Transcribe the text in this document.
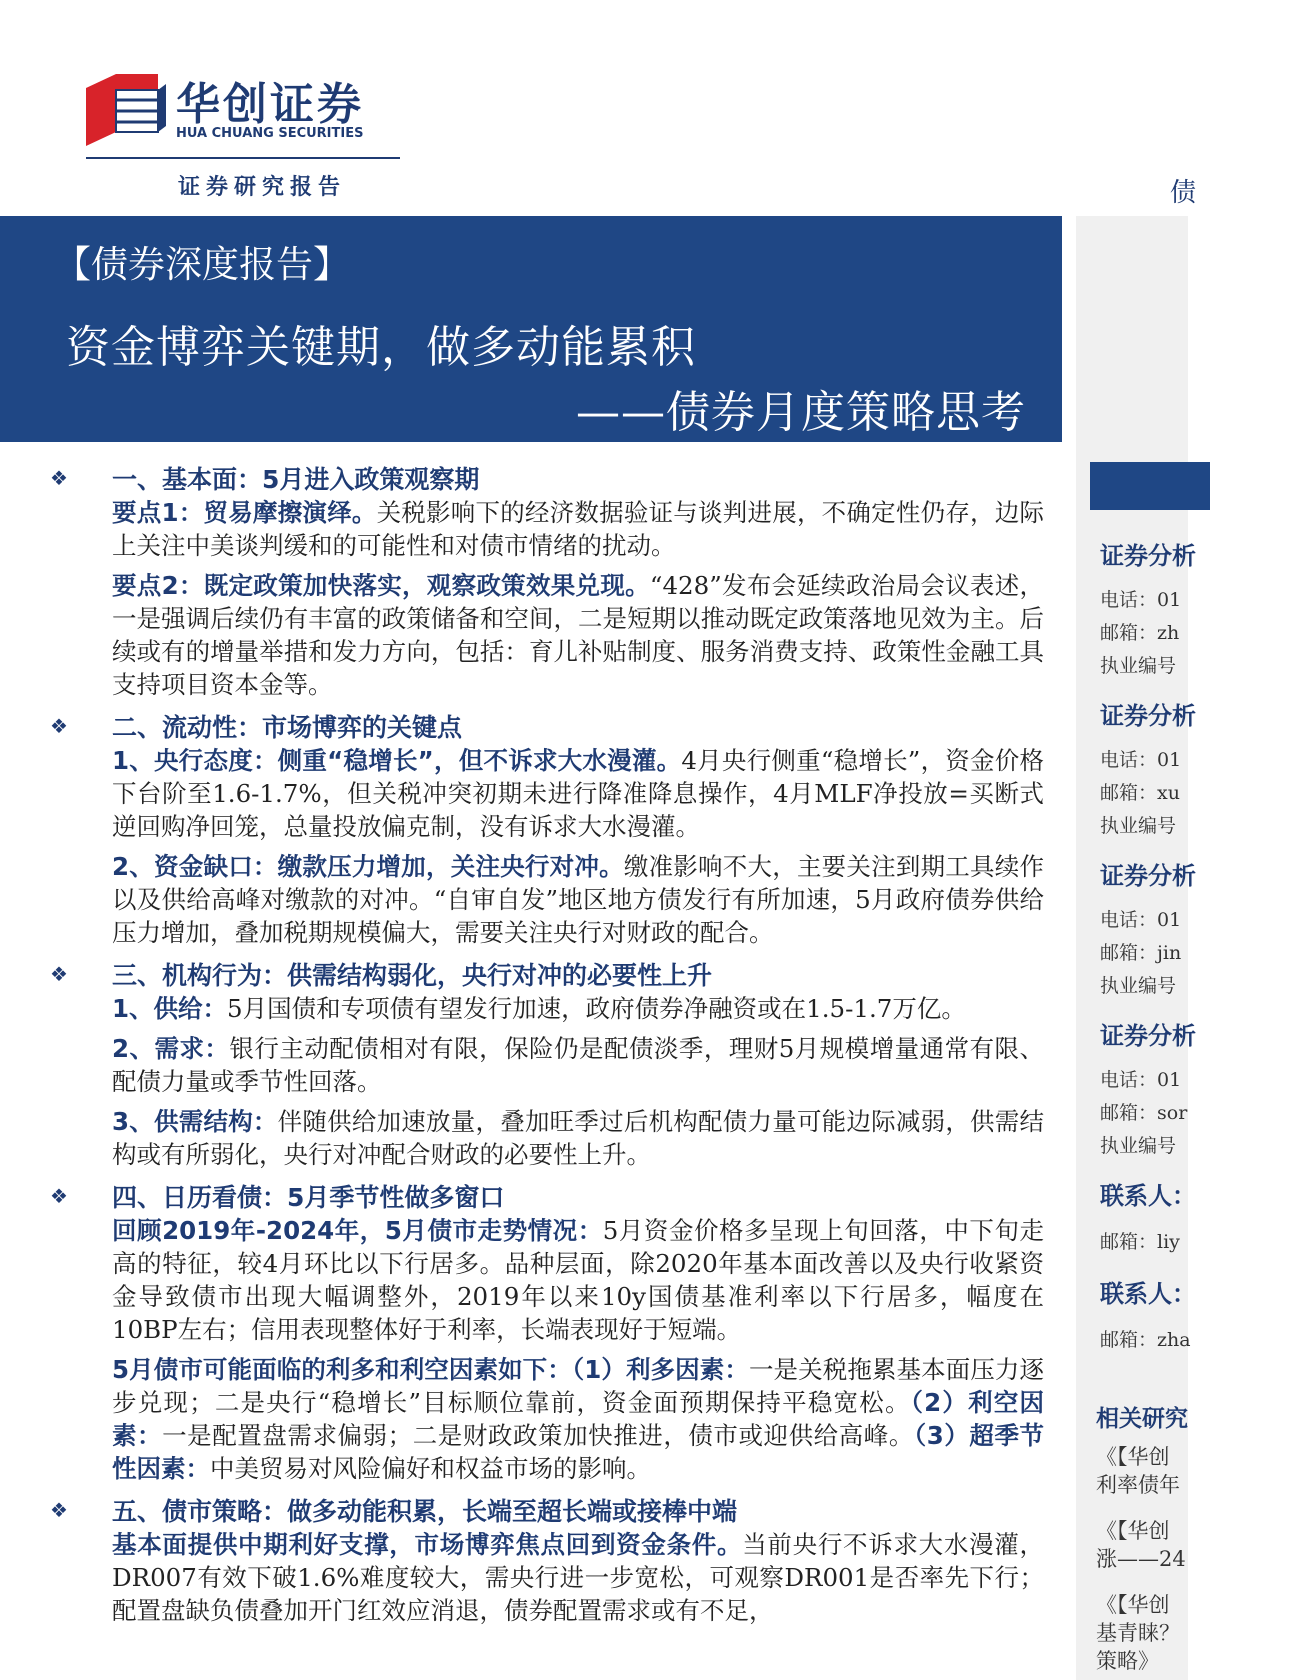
华创证券
HUA CHUANG SECURITIES
证券研究报告	债
【债券深度报告】
资金博弈关键期，做多动能累积
——债券月度策略思考
❖	一、基本面：5月进入政策观察期
要点1：贸易摩擦演绎。关税影响下的经济数据验证与谈判进展，不确定性仍存，边际上关注中美谈判缓和的可能性和对债市情绪的扰动。
要点2：既定政策加快落实，观察政策效果兑现。“428”发布会延续政治局会议表述，一是强调后续仍有丰富的政策储备和空间，二是短期以推动既定政策落地见效为主。后续或有的增量举措和发力方向，包括：育儿补贴制度、服务消费支持、政策性金融工具支持项目资本金等。
❖	二、流动性：市场博弈的关键点
1、央行态度：侧重“稳增长”，但不诉求大水漫灌。4月央行侧重“稳增长”，资金价格下台阶至1.6-1.7%，但关税冲突初期未进行降准降息操作，4月MLF净投放=买断式逆回购净回笼，总量投放偏克制，没有诉求大水漫灌。
2、资金缺口：缴款压力增加，关注央行对冲。缴准影响不大，主要关注到期工具续作以及供给高峰对缴款的对冲。“自审自发”地区地方债发行有所加速，5月政府债券供给压力增加，叠加税期规模偏大，需要关注央行对财政的配合。
❖	三、机构行为：供需结构弱化，央行对冲的必要性上升
1、供给：5月国债和专项债有望发行加速，政府债券净融资或在1.5-1.7万亿。
2、需求：银行主动配债相对有限，保险仍是配债淡季，理财5月规模增量通常有限、配债力量或季节性回落。
3、供需结构：伴随供给加速放量，叠加旺季过后机构配债力量可能边际减弱，供需结构或有所弱化，央行对冲配合财政的必要性上升。
❖	四、日历看债：5月季节性做多窗口
回顾2019年-2024年，5月债市走势情况：5月资金价格多呈现上旬回落，中下旬走高的特征，较4月环比以下行居多。品种层面，除2020年基本面改善以及央行收紧资金导致债市出现大幅调整外，2019年以来10y国债基准利率以下行居多，幅度在10BP左右；信用表现整体好于利率，长端表现好于短端。
5月债市可能面临的利多和利空因素如下：（1）利多因素：一是关税拖累基本面压力逐步兑现；二是央行“稳增长”目标顺位靠前，资金面预期保持平稳宽松。（2）利空因素：一是配置盘需求偏弱；二是财政政策加快推进，债市或迎供给高峰。（3）超季节性因素：中美贸易对风险偏好和权益市场的影响。
❖	五、债市策略：做多动能积累，长端至超长端或接棒中端
基本面提供中期利好支撑，市场博弈焦点回到资金条件。当前央行不诉求大水漫灌，DR007有效下破1.6%难度较大，需央行进一步宽松，可观察DR001是否率先下行；配置盘缺负债叠加开门红效应消退，债券配置需求或有不足，
证券分析
电话：01
邮箱：zh
执业编号
证券分析
电话：01
邮箱：xu
执业编号
证券分析
电话：01
邮箱：jin
执业编号
证券分析
电话：01
邮箱：sor
执业编号
联系人：
邮箱：liy
联系人：
邮箱：zha
相关研究
《【华创
利率债年
《【华创
涨——24
《【华创
基青睐？
策略》
